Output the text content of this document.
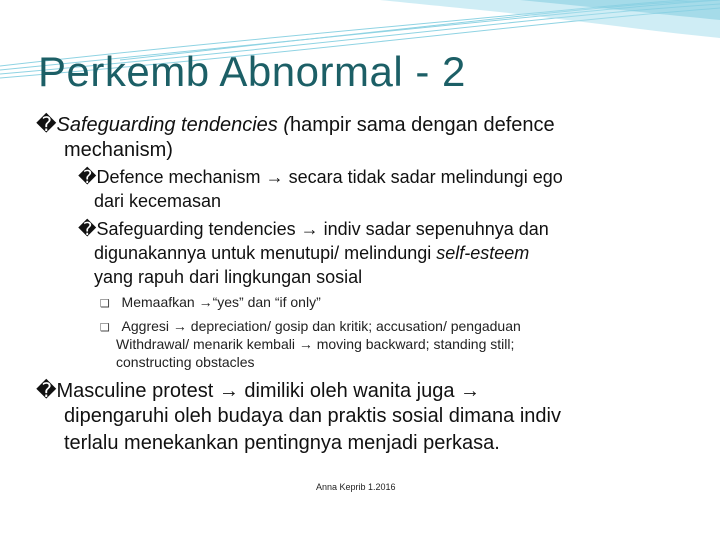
Perkemb Abnormal - 2
�Safeguarding tendencies (hampir sama dengan defence
mechanism)
�Defence mechanism → secara tidak sadar melindungi ego
dari kecemasan
�Safeguarding tendencies → indiv sadar sepenuhnya dan
digunakannya untuk menutupi/ melindungi self-esteem
yang rapuh dari lingkungan sosial
❑ Memaafkan →“yes” dan “if only”
❑ Aggresi → depreciation/ gosip dan kritik; accusation/ pengaduan
Withdrawal/ menarik kembali → moving backward; standing still;
constructing obstacles
�Masculine protest → dimiliki oleh wanita juga →
dipengaruhi oleh budaya dan praktis sosial dimana indiv
terlalu menekankan pentingnya menjadi perkasa.
Anna Keprib 1.2016
